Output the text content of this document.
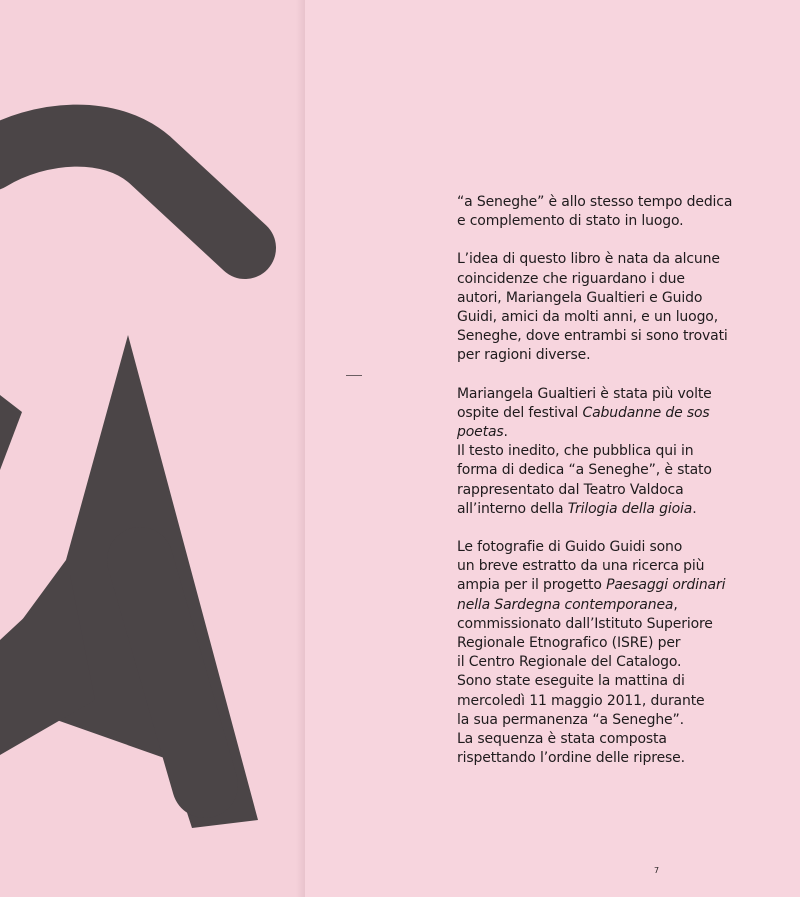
“a Seneghe” è allo stesso tempo dedica
e complemento di stato in luogo.

L’idea di questo libro è nata da alcune
coincidenze che riguardano i due
autori, Mariangela Gualtieri e Guido
Guidi, amici da molti anni, e un luogo,
Seneghe, dove entrambi si sono trovati
per ragioni diverse.

Mariangela Gualtieri è stata più volte
ospite del festival Cabudanne de sos
poetas.
Il testo inedito, che pubblica qui in
forma di dedica “a Seneghe”, è stato
rappresentato dal Teatro Valdoca
all’interno della Trilogia della gioia.

Le fotografie di Guido Guidi sono
un breve estratto da una ricerca più
ampia per il progetto Paesaggi ordinari
nella Sardegna contemporanea,
commissionato dall’Istituto Superiore
Regionale Etnografico (ISRE) per
il Centro Regionale del Catalogo.
Sono state eseguite la mattina di
mercoledì 11 maggio 2011, durante
la sua permanenza “a Seneghe”.
La sequenza è stata composta
rispettando l’ordine delle riprese.

7
